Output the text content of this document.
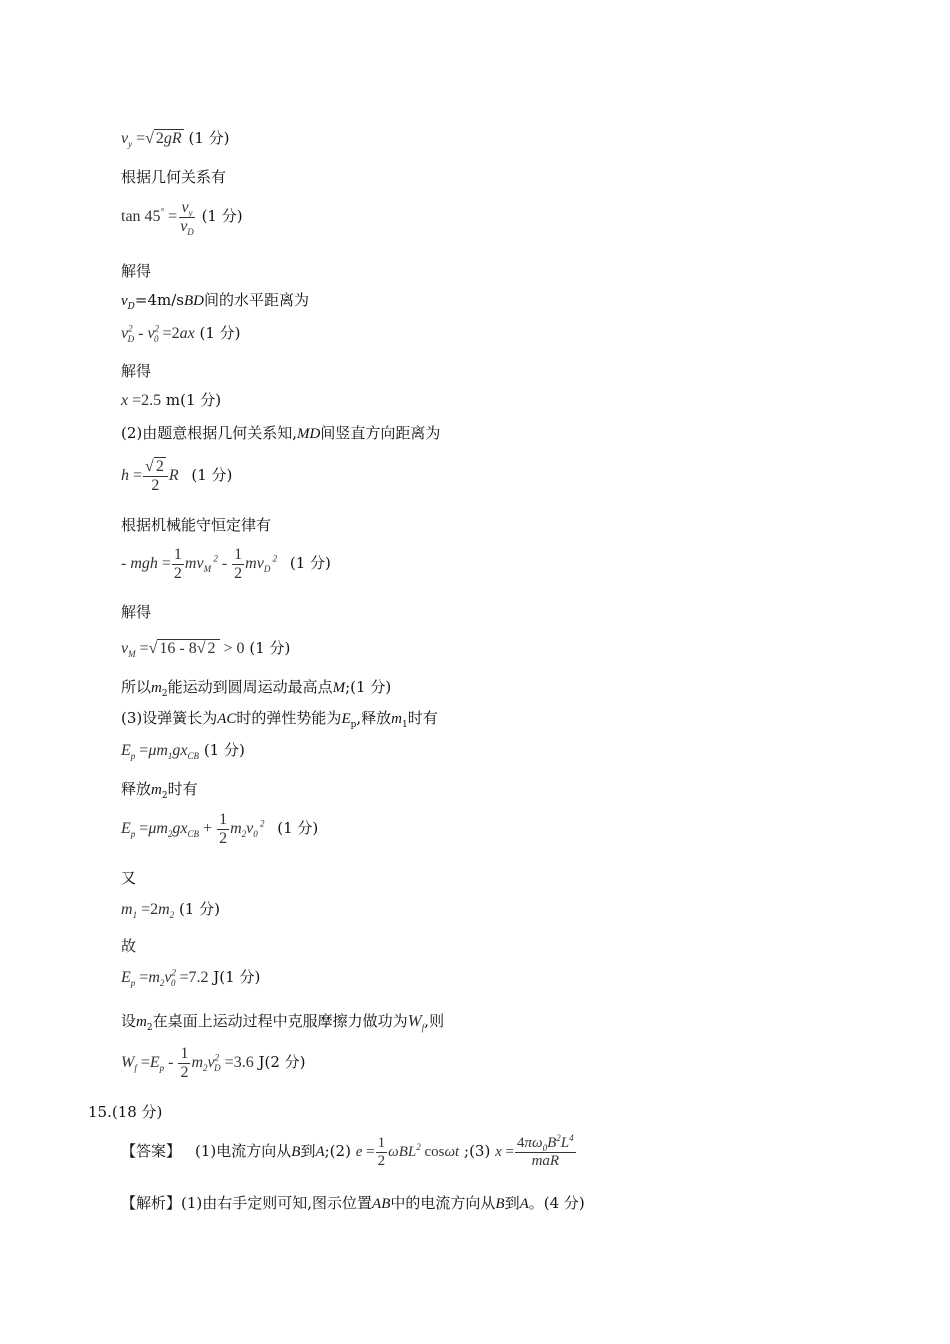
$v_y$ =√ 2gR (1 分)
根据几何关系有
$\tan 45^\circ = \frac{v_y}{v_D} (1$ 分)
解得
$v_D=4m$/sBD间的水平距离为
$v^2_D - v^2_0 =2ax$ (1 分)
解得
x =2.5 m(1 分)
(2)由题意根据几何关系知,MD间竖直方向距离为
$h = \frac{√ 2}{2}$ R (1 分)
根据机械能守恒定律有
- mgh = $\frac{1}{2} mv_M$ $^2 - \frac{1}{2} mv_D$ $^2$ (1 分)
解得
$v_M$ =√ 16 - 8√ 2 > 0 (1 分)
所以$m_2$能运动到圆周运动最高点M;(1 分)
(3)设弹簧长为AC时的弹性势能为$E_p$,释放$m_1$时有
$E_p =\mu m_1gx_{CB}$ (1 分)
释放$m_2$时有
$E_p =\mu m_2gx_{CB} + \frac{1}{2} m_2v_0$ $^2$ (1 分)
又
$m_1 =2m_2$ (1 分)
故
$E_p =m_2v^2_0 =7.2$ J(1 分)
设$m_2$在桌面上运动过程中克服摩擦力做功为$W_f$,则
$W_f =E_p - \frac{1}{2} m_2v^2_D =3.6$ J(2 分)
15.(18 分)
【答案】 (1)电流方向从B到A;(2) $e = \frac{1}{2} \omega BL^2$ cosωt ;(3) $x = \frac{4\pi\omega_0B^2L^4}{\text{maR}}$
【解析】(1)由右手定则可知,图示位置AB中的电流方向从B到A。(4 分)
